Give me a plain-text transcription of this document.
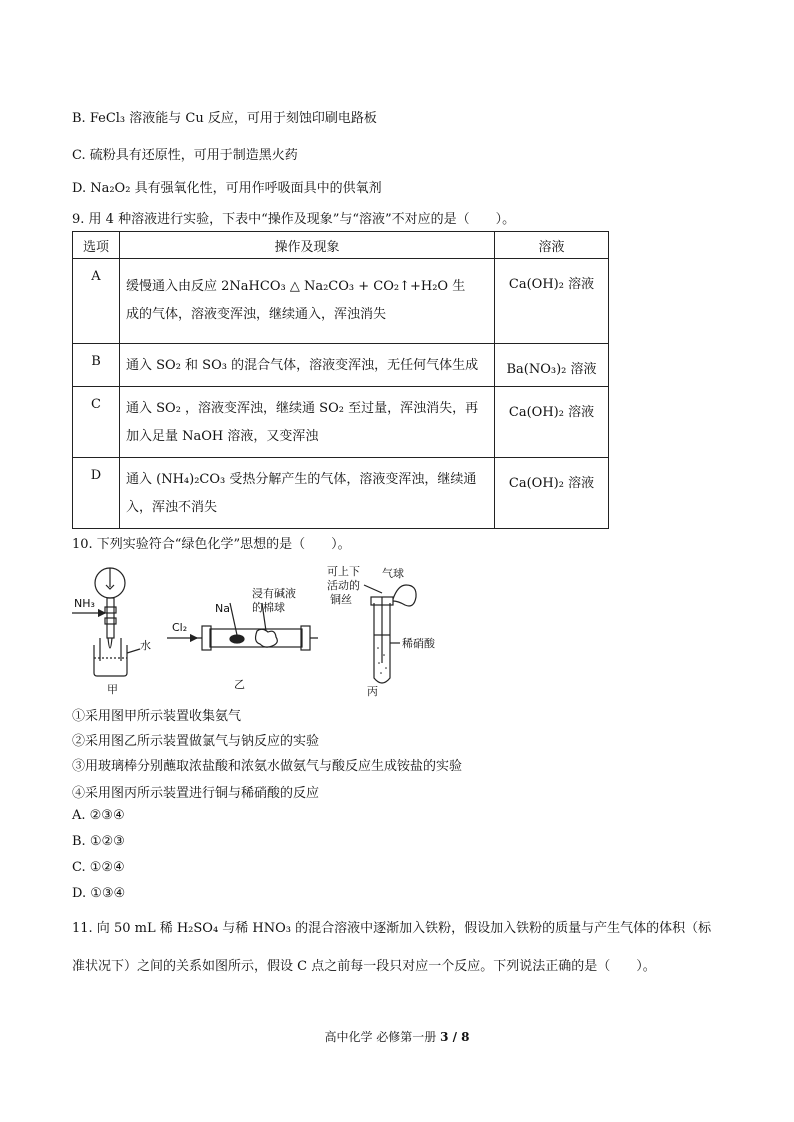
B. FeCl₃ 溶液能与 Cu 反应，可用于刻蚀印刷电路板
C. 硫粉具有还原性，可用于制造黑火药
D. Na₂O₂ 具有强氧化性，可用作呼吸面具中的供氧剂
9. 用 4 种溶液进行实验，下表中“操作及现象”与“溶液”不对应的是（　　）。
选项	操作及现象	溶液

A	缓慢通入由反应 2NaHCO₃ △ Na₂CO₃ + CO₂↑+H₂O 生
成的气体，溶液变浑浊，继续通入，浑浊消失	Ca(OH)₂ 溶液

B	通入 SO₂ 和 SO₃ 的混合气体，溶液变浑浊，无任何气体生成	Ba(NO₃)₂ 溶液

C	通入 SO₂ ，溶液变浑浊，继续通 SO₂ 至过量，浑浊消失，再
加入足量 NaOH 溶液，又变浑浊	Ca(OH)₂ 溶液

D	通入 (NH₄)₂CO₃ 受热分解产生的气体，溶液变浑浊，继续通
入，浑浊不消失	Ca(OH)₂ 溶液
10. 下列实验符合“绿色化学”思想的是（　　）。
NH₃
水
甲
Cl₂
Na
浸有碱液
的棉球
乙
可上下
活动的
铜丝
气球
稀硝酸
丙
①采用图甲所示装置收集氨气
②采用图乙所示装置做氯气与钠反应的实验
③用玻璃棒分别蘸取浓盐酸和浓氨水做氨气与酸反应生成铵盐的实验
④采用图丙所示装置进行铜与稀硝酸的反应
A. ②③④
B. ①②③
C. ①②④
D. ①③④
11. 向 50 mL 稀 H₂SO₄ 与稀 HNO₃ 的混合溶液中逐渐加入铁粉，假设加入铁粉的质量与产生气体的体积（标
准状况下）之间的关系如图所示，假设 C 点之前每一段只对应一个反应。下列说法正确的是（　　）。
高中化学 必修第一册 3 / 8
